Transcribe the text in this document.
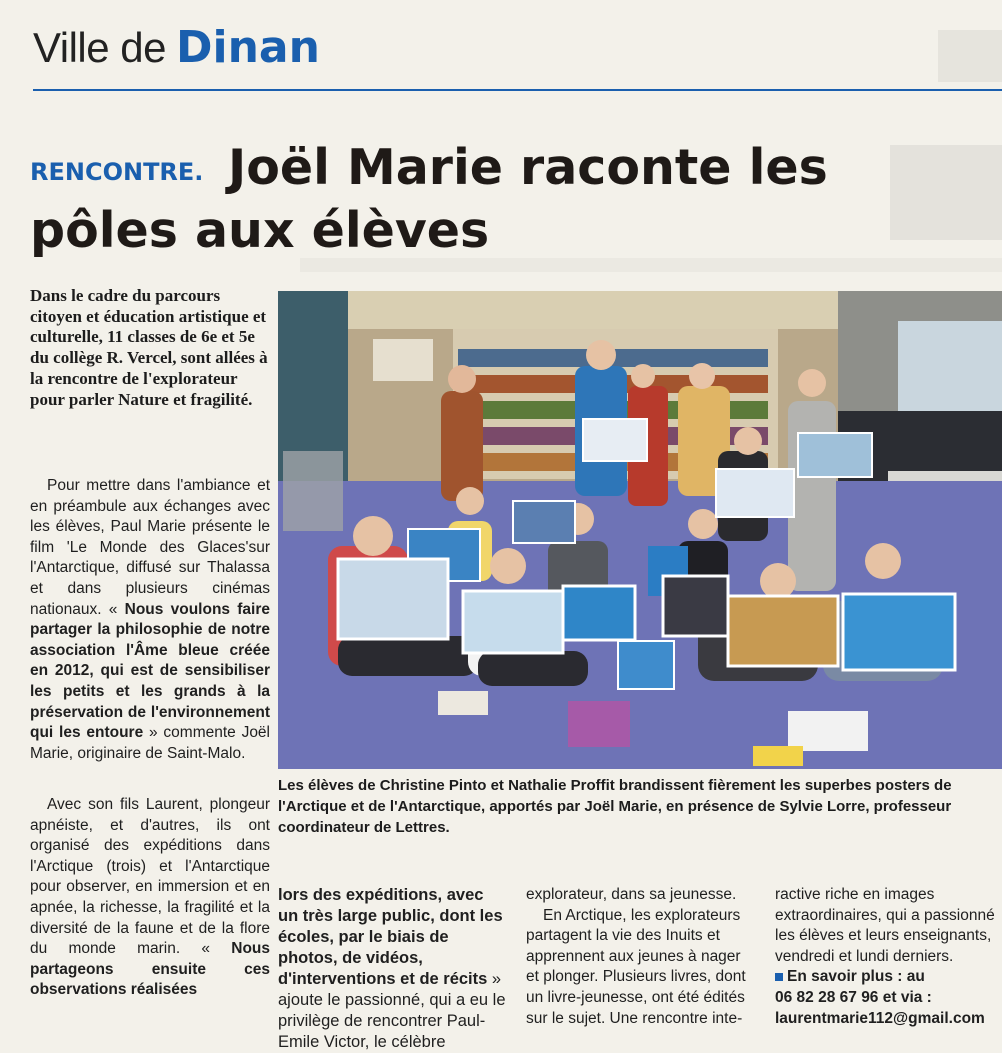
Ville de Dinan
RENCONTRE. Joël Marie raconte les pôles aux élèves
Dans le cadre du parcours citoyen et éducation artistique et culturelle, 11 classes de 6e et 5e du collège R. Vercel, sont allées à la rencontre de l'explorateur pour parler Nature et fragilité.
Pour mettre dans l'ambiance et en préambule aux échanges avec les élèves, Paul Marie présente le film 'Le Monde des Glaces'sur l'Antarctique, diffusé sur Thalassa et dans plusieurs cinémas nationaux. « Nous voulons faire partager la philosophie de notre association l'Âme bleue créée en 2012, qui est de sensibiliser les petits et les grands à la préservation de l'environnement qui les entoure » commente Joël Marie, originaire de Saint-Malo.
Avec son fils Laurent, plongeur apnéiste, et d'autres, ils ont organisé des expéditions dans l'Arctique (trois) et l'Antarctique pour observer, en immersion et en apnée, la richesse, la fragilité et la diversité de la faune et de la flore du monde marin. « Nous partageons ensuite ces observations réalisées
Les élèves de Christine Pinto et Nathalie Proffit brandissent fièrement les superbes posters de l'Arctique et de l'Antarctique, apportés par Joël Marie, en présence de Sylvie Lorre, professeur coordinateur de Lettres.
lors des expéditions, avec un très large public, dont les écoles, par le biais de photos, de vidéos, d'interventions et de récits » ajoute le passionné, qui a eu le privilège de rencontrer Paul-Emile Victor, le célèbre
explorateur, dans sa jeunesse.
En Arctique, les explorateurs partagent la vie des Inuits et apprennent aux jeunes à nager et plonger. Plusieurs livres, dont un livre-jeunesse, ont été édités sur le sujet. Une rencontre inte-
ractive riche en images extraordinaires, qui a passionné les élèves et leurs enseignants, vendredi et lundi derniers.
En savoir plus : au
06 82 28 67 96 et via : laurentmarie112@gmail.com
